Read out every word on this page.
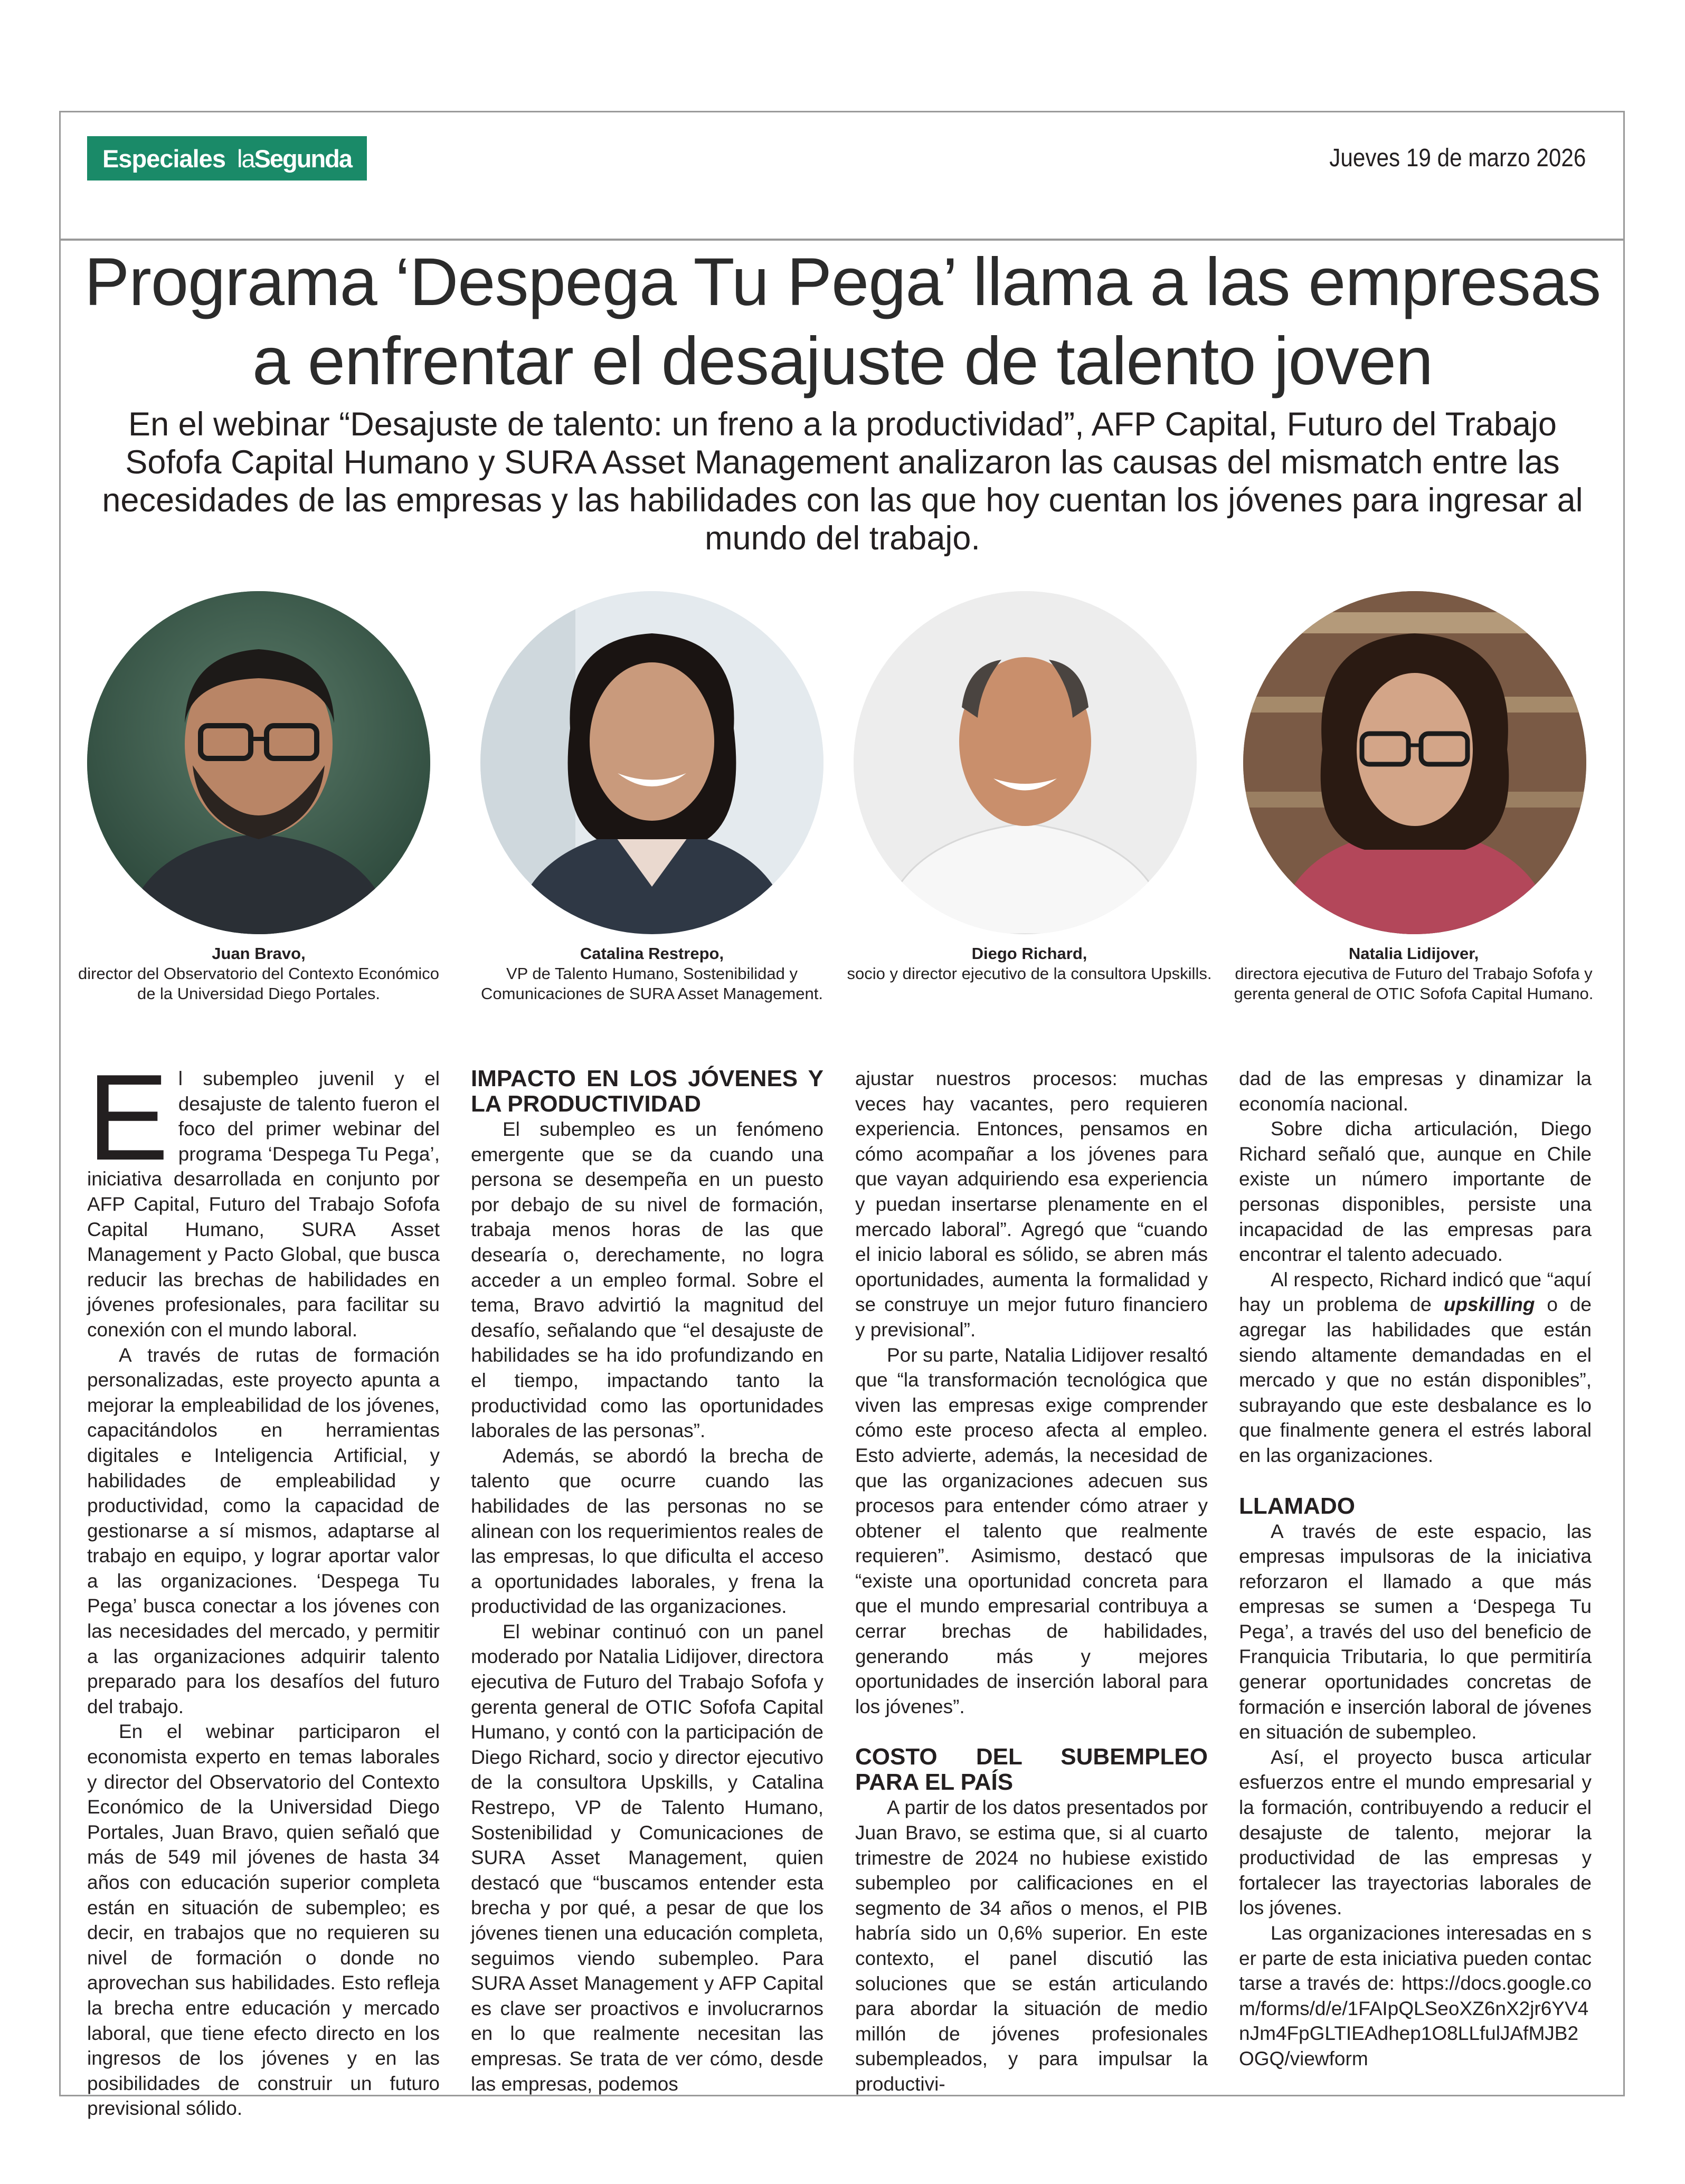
Especiales laSegunda	Jueves 19 de marzo 2026
Programa ‘Despega Tu Pega’ llama a las empresas
a enfrentar el desajuste de talento joven
En el webinar “Desajuste de talento: un freno a la productividad”, AFP Capital, Futuro del Trabajo Sofofa Capital Humano y SURA Asset Management analizaron las causas del mismatch entre las necesidades de las empresas y las habilidades con las que hoy cuentan los jóvenes para ingresar al mundo del trabajo.
Juan Bravo,
director del Observatorio del Contexto Económico de la Universidad Diego Portales.
Catalina Restrepo,
VP de Talento Humano, Sostenibilidad y Comunicaciones de SURA Asset Management.
Diego Richard,
socio y director ejecutivo de la consultora Upskills.
Natalia Lidijover,
directora ejecutiva de Futuro del Trabajo Sofofa y gerenta general de OTIC Sofofa Capital Humano.

El subempleo juvenil y el desajuste de talento fueron el foco del primer webinar del programa ‘Despega Tu Pega’, iniciativa desarrollada en conjunto por AFP Capital, Futuro del Trabajo Sofofa Capital Humano, SURA Asset Management y Pacto Global, que busca reducir las brechas de habilidades en jóvenes profesionales, para facilitar su conexión con el mundo laboral.

A través de rutas de formación personalizadas, este proyecto apunta a mejorar la empleabilidad de los jóvenes, capacitándolos en herramientas digitales e Inteligencia Artificial, y habilidades de empleabilidad y productividad, como la capacidad de gestionarse a sí mismos, adaptarse al trabajo en equipo, y lograr aportar valor a las organizaciones. ‘Despega Tu Pega’ busca conectar a los jóvenes con las necesidades del mercado, y permitir a las organizaciones adquirir talento preparado para los desafíos del futuro del trabajo.

En el webinar participaron el economista experto en temas laborales y director del Observatorio del Contexto Económico de la Universidad Diego Portales, Juan Bravo, quien señaló que más de 549 mil jóvenes de hasta 34 años con educación superior completa están en situación de subempleo; es decir, en trabajos que no requieren su nivel de formación o donde no aprovechan sus habilidades. Esto refleja la brecha entre educación y mercado laboral, que tiene efecto directo en los ingresos de los jóvenes y en las posibilidades de construir un futuro previsional sólido.

IMPACTO EN LOS JÓVENES Y LA PRODUCTIVIDAD

El subempleo es un fenómeno emergente que se da cuando una persona se desempeña en un puesto por debajo de su nivel de formación, trabaja menos horas de las que desearía o, derechamente, no logra acceder a un empleo formal. Sobre el tema, Bravo advirtió la magnitud del desafío, señalando que “el desajuste de habilidades se ha ido profundizando en el tiempo, impactando tanto la productividad como las oportunidades laborales de las personas”.

Además, se abordó la brecha de talento que ocurre cuando las habilidades de las personas no se alinean con los requerimientos reales de las empresas, lo que dificulta el acceso a oportunidades laborales, y frena la productividad de las organizaciones.

El webinar continuó con un panel moderado por Natalia Lidijover, directora ejecutiva de Futuro del Trabajo Sofofa y gerenta general de OTIC Sofofa Capital Humano, y contó con la participación de Diego Richard, socio y director ejecutivo de la consultora Upskills, y Catalina Restrepo, VP de Talento Humano, Sostenibilidad y Comunicaciones de SURA Asset Management, quien destacó que “buscamos entender esta brecha y por qué, a pesar de que los jóvenes tienen una educación completa, seguimos viendo subempleo. Para SURA Asset Management y AFP Capital es clave ser proactivos e involucrarnos en lo que realmente necesitan las empresas. Se trata de ver cómo, desde las empresas, podemos

ajustar nuestros procesos: muchas veces hay vacantes, pero requieren experiencia. Entonces, pensamos en cómo acompañar a los jóvenes para que vayan adquiriendo esa experiencia y puedan insertarse plenamente en el mercado laboral”. Agregó que “cuando el inicio laboral es sólido, se abren más oportunidades, aumenta la formalidad y se construye un mejor futuro financiero y previsional”.

Por su parte, Natalia Lidijover resaltó que “la transformación tecnológica que viven las empresas exige comprender cómo este proceso afecta al empleo. Esto advierte, además, la necesidad de que las organizaciones adecuen sus procesos para entender cómo atraer y obtener el talento que realmente requieren”. Asimismo, destacó que “existe una oportunidad concreta para que el mundo empresarial contribuya a cerrar brechas de habilidades, generando más y mejores oportunidades de inserción laboral para los jóvenes”.

COSTO DEL SUBEMPLEO PARA EL PAÍS

A partir de los datos presentados por Juan Bravo, se estima que, si al cuarto trimestre de 2024 no hubiese existido subempleo por calificaciones en el segmento de 34 años o menos, el PIB habría sido un 0,6% superior. En este contexto, el panel discutió las soluciones que se están articulando para abordar la situación de medio millón de jóvenes profesionales subempleados, y para impulsar la productivi-

dad de las empresas y dinamizar la economía nacional.

Sobre dicha articulación, Diego Richard señaló que, aunque en Chile existe un número importante de personas disponibles, persiste una incapacidad de las empresas para encontrar el talento adecuado.

Al respecto, Richard indicó que “aquí hay un problema de upskilling o de agregar las habilidades que están siendo altamente demandadas en el mercado y que no están disponibles”, subrayando que este desbalance es lo que finalmente genera el estrés laboral en las organizaciones.

LLAMADO

A través de este espacio, las empresas impulsoras de la iniciativa reforzaron el llamado a que más empresas se sumen a ‘Despega Tu Pega’, a través del uso del beneficio de Franquicia Tributaria, lo que permitiría generar oportunidades concretas de formación e inserción laboral de jóvenes en situación de subempleo.

Así, el proyecto busca articular esfuerzos entre el mundo empresarial y la formación, contribuyendo a reducir el desajuste de talento, mejorar la productividad de las empresas y fortalecer las trayectorias laborales de los jóvenes.

Las organizaciones interesadas en ser parte de esta iniciativa pueden contactarse a través de: https://docs.google.com/forms/d/e/1FAIpQLSeoXZ6nX2jr6YV4nJm4FpGLTIEAdhep1O8LLfulJAfMJB2OGQ/viewform
